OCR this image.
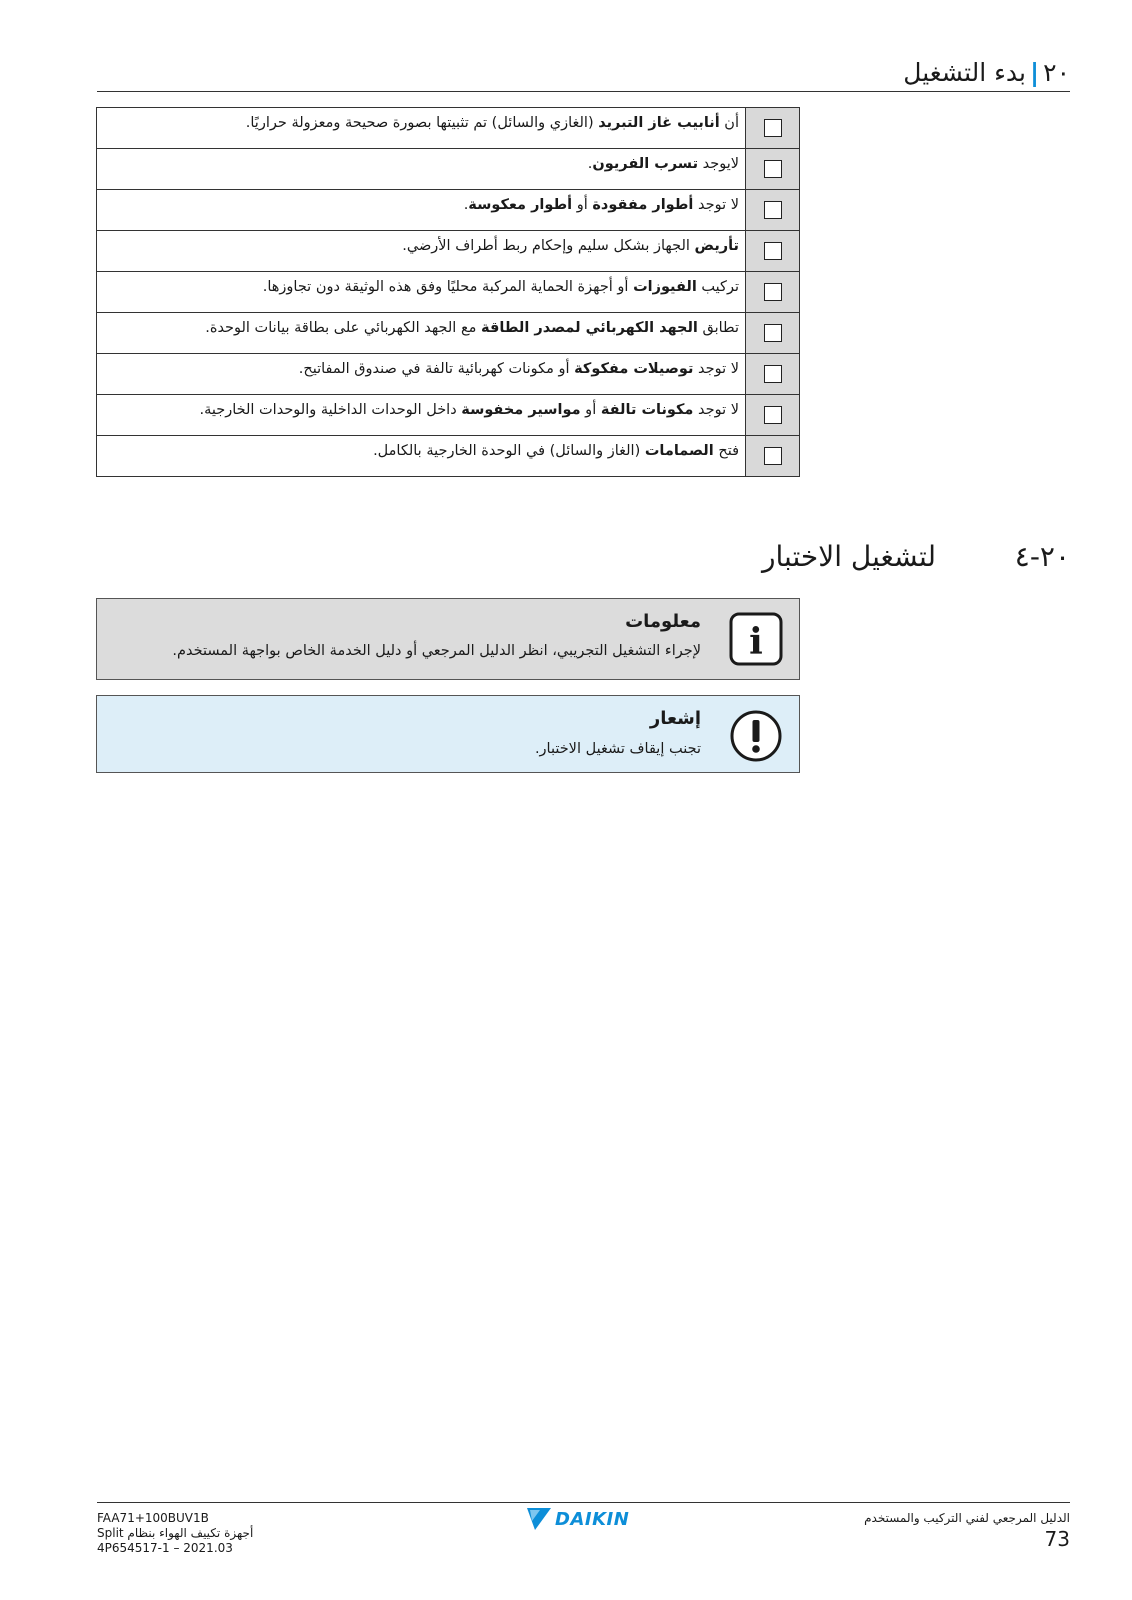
٢٠|بدء التشغيل
	أن أنابيب غاز التبريد (الغازي والسائل) تم تثبيتها بصورة صحيحة ومعزولة حراريًا.
	لايوجد تسرب الفريون.
	لا توجد أطوار مفقودة أو أطوار معكوسة.
	تأريض الجهاز بشكل سليم وإحكام ربط أطراف الأرضي.
	تركيب الفيوزات أو أجهزة الحماية المركبة محليًا وفق هذه الوثيقة دون تجاوزها.
	تطابق الجهد الكهربائي لمصدر الطاقة مع الجهد الكهربائي على بطاقة بيانات الوحدة.
	لا توجد توصيلات مفكوكة أو مكونات كهربائية تالفة في صندوق المفاتيح.
	لا توجد مكونات تالفة أو مواسير مخفوسة داخل الوحدات الداخلية والوحدات الخارجية.
	فتح الصمامات (الغاز والسائل) في الوحدة الخارجية بالكامل.
٢٠-٤
لتشغيل الاختبار
i
معلومات
لإجراء التشغيل التجريبي، انظر الدليل المرجعي أو دليل الخدمة الخاص بواجهة المستخدم.
إشعار
تجنب إيقاف تشغيل الاختبار.
FAA71+100BUV1B
أجهزة تكييف الهواء بنظام Split
4P654517-1 – 2021.03
DAIKIN	الدليل المرجعي لفني التركيب والمستخدم
73
